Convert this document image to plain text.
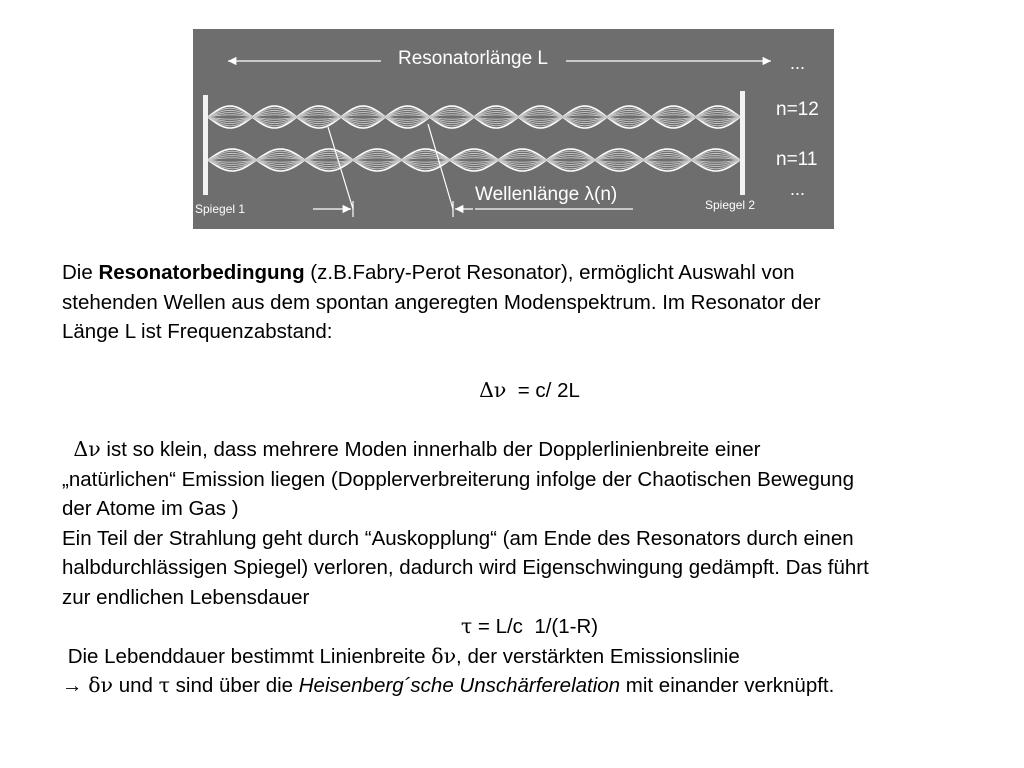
Resonatorlänge L
Wellenlänge λ(n)
...
n=12
n=11
...
Spiegel 1	Spiegel 2

Die Resonatorbedingung (z.B.Fabry-Perot Resonator), ermöglicht Auswahl von

stehenden Wellen aus dem spontan angeregten Modenspektrum. Im Resonator der

Länge L ist Frequenzabstand:

Δν  = c/ 2L

Δν ist so klein, dass mehrere Moden innerhalb der Dopplerlinienbreite einer

„natürlichen“ Emission liegen (Dopplerverbreiterung infolge der Chaotischen Bewegung

der Atome im Gas )

Ein Teil der Strahlung geht durch “Auskopplung“ (am Ende des Resonators durch einen

halbdurchlässigen Spiegel) verloren, dadurch wird Eigenschwingung gedämpft. Das führt

zur endlichen Lebensdauer

τ = L/c  1/(1-R)

Die Lebenddauer bestimmt Linienbreite δν, der verstärkten Emissionslinie

→ δν und τ sind über die Heisenberg´sche Unschärferelation mit einander verknüpft.
